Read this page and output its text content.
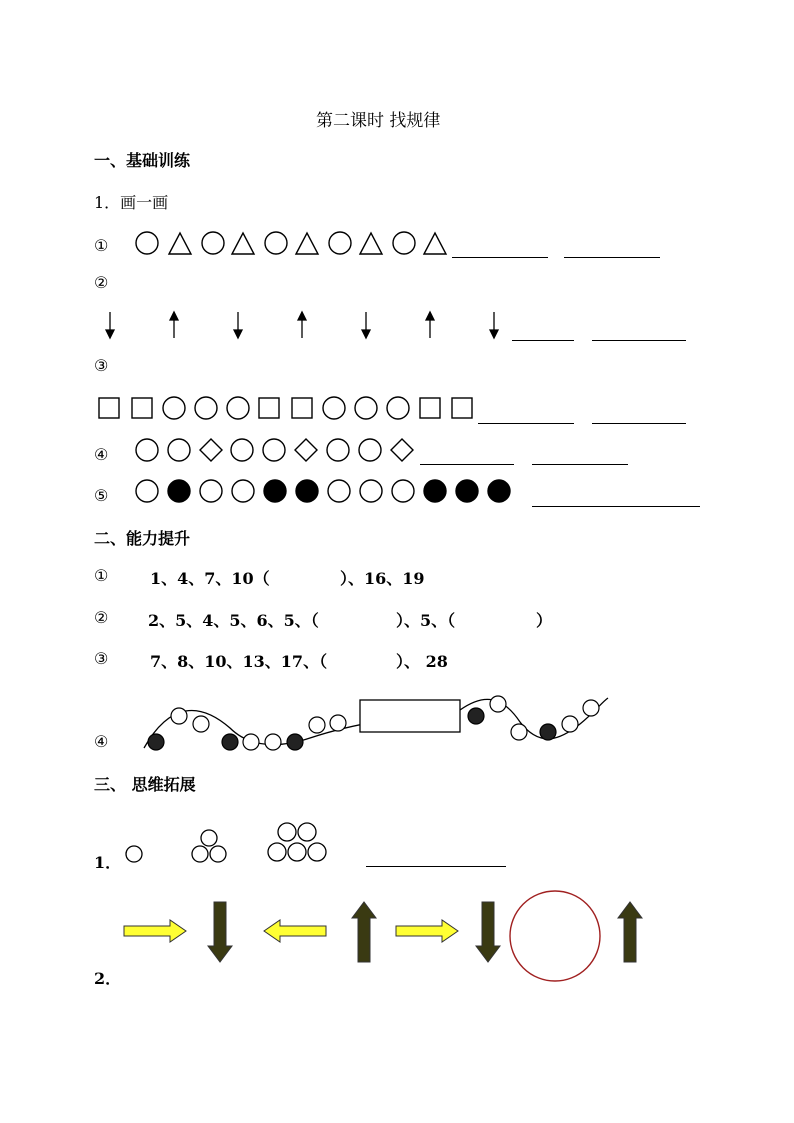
第二课时 找规律
一、基础训练
1．画一画
①
②
③
④
⑤
二、能力提升
①	1、4、7、10（	）、16、19
② 2、5、4、5、6、5、（	）、5、（	）
③	7、8、10、13、17、（	）、 28
④
三、 思维拓展
1．
2．
